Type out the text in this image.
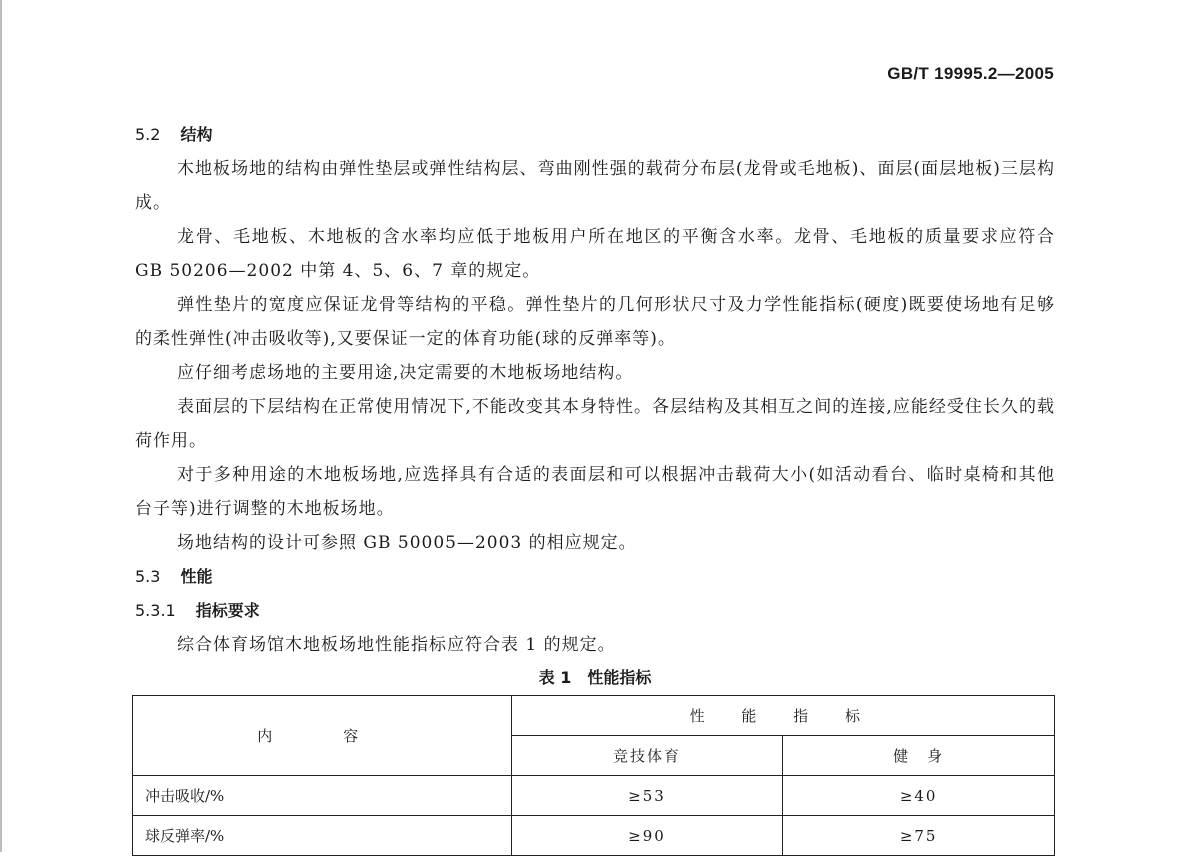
GB/T 19995.2—2005
5.2 结构
木地板场地的结构由弹性垫层或弹性结构层、弯曲刚性强的载荷分布层(龙骨或毛地板)、面层(面层地板)三层构成。
龙骨、毛地板、木地板的含水率均应低于地板用户所在地区的平衡含水率。龙骨、毛地板的质量要求应符合 GB 50206—2002 中第 4、5、6、7 章的规定。
弹性垫片的宽度应保证龙骨等结构的平稳。弹性垫片的几何形状尺寸及力学性能指标(硬度)既要使场地有足够的柔性弹性(冲击吸收等),又要保证一定的体育功能(球的反弹率等)。
应仔细考虑场地的主要用途,决定需要的木地板场地结构。
表面层的下层结构在正常使用情况下,不能改变其本身特性。各层结构及其相互之间的连接,应能经受住长久的载荷作用。
对于多种用途的木地板场地,应选择具有合适的表面层和可以根据冲击载荷大小(如活动看台、临时桌椅和其他台子等)进行调整的木地板场地。
场地结构的设计可参照 GB 50005—2003 的相应规定。
5.3 性能
5.3.1 指标要求
综合体育场馆木地板场地性能指标应符合表 1 的规定。
表 1　性能指标
内　容	性 能 指 标	
	竞技体育	健　身
冲击吸收/%	≥53	≥40
球反弹率/%	≥90	≥75
